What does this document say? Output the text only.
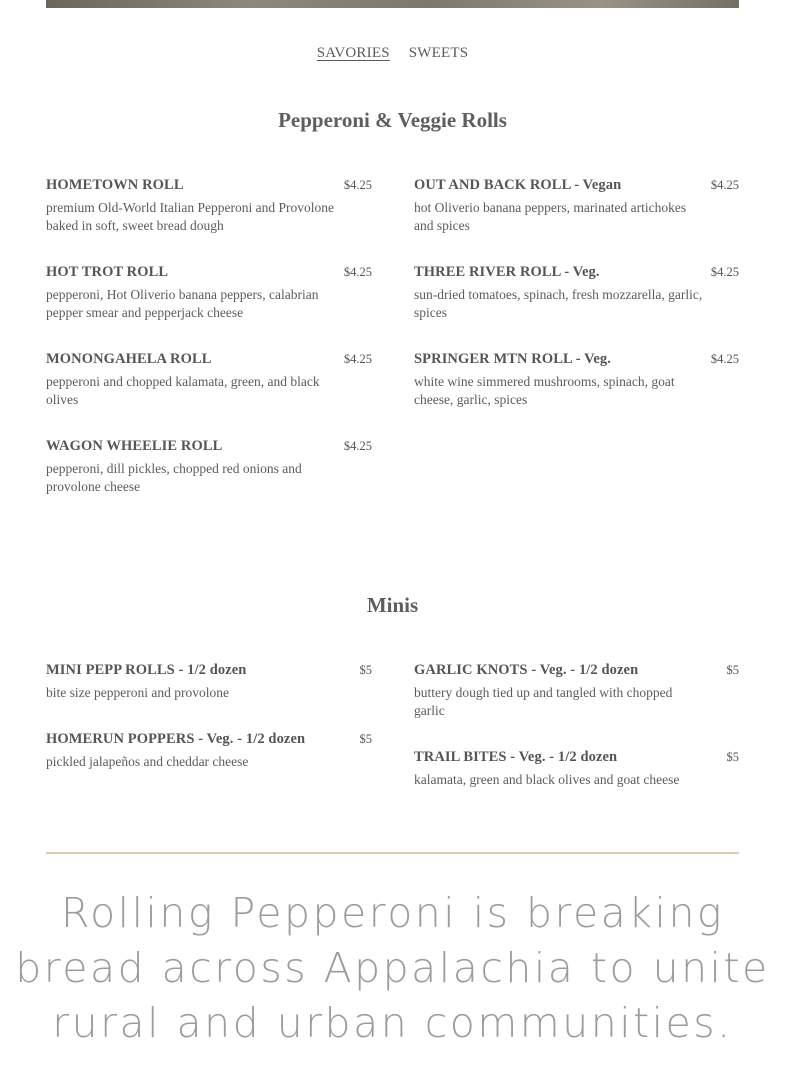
SAVORIES SWEETS
Pepperoni & Veggie Rolls
HOMETOWN ROLL	$4.25

premium Old-World Italian Pepperoni and Provolone baked in soft, sweet bread dough

HOT TROT ROLL	$4.25

pepperoni, Hot Oliverio banana peppers, calabrian pepper smear and pepperjack cheese

MONONGAHELA ROLL	$4.25

pepperoni and chopped kalamata, green, and black olives

WAGON WHEELIE ROLL	$4.25

pepperoni, dill pickles, chopped red onions and provolone cheese

OUT AND BACK ROLL - Vegan	$4.25

hot Oliverio banana peppers, marinated artichokes and spices

THREE RIVER ROLL - Veg.	$4.25

sun-dried tomatoes, spinach, fresh mozzarella, garlic, spices

SPRINGER MTN ROLL - Veg.	$4.25

white wine simmered mushrooms, spinach, goat cheese, garlic, spices

Minis
MINI PEPP ROLLS - 1/2 dozen	$5

bite size pepperoni and provolone

HOMERUN POPPERS - Veg. - 1/2 dozen	$5

pickled jalapeños and cheddar cheese

GARLIC KNOTS - Veg. - 1/2 dozen	$5

buttery dough tied up and tangled with chopped garlic

TRAIL BITES - Veg. - 1/2 dozen	$5

kalamata, green and black olives and goat cheese

Rolling Pepperoni is breaking bread across Appalachia to unite rural and urban communities.
